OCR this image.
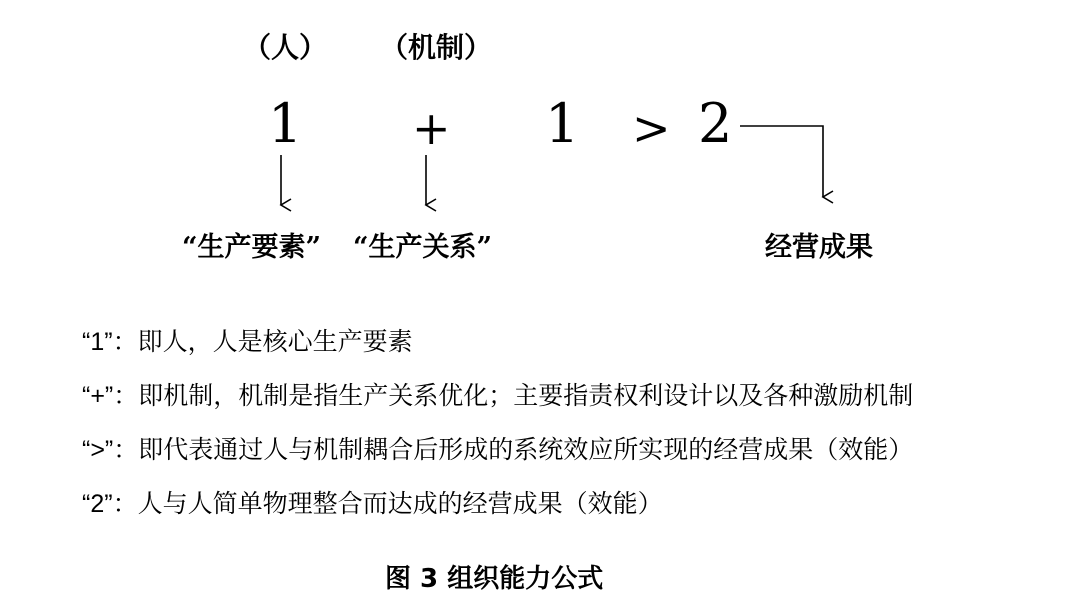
（人） （机制）
1 + 1 > 2
“生产要素” “生产关系”	经营成果
“1”：即人，人是核心生产要素
“+”：即机制，机制是指生产关系优化；主要指责权利设计以及各种激励机制
“>”：即代表通过人与机制耦合后形成的系统效应所实现的经营成果（效能）
“2”：人与人简单物理整合而达成的经营成果（效能）
图 3 组织能力公式
